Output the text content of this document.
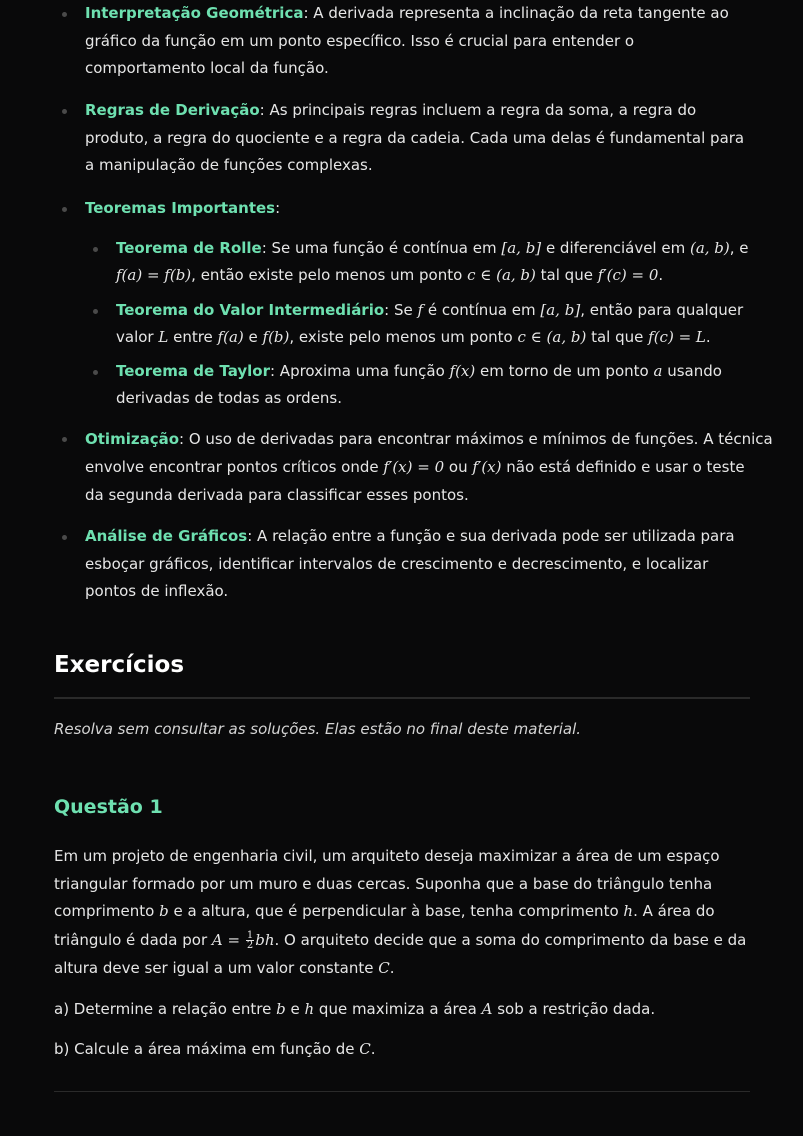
Interpretação Geométrica: A derivada representa a inclinação da reta tangente ao gráfico da função em um ponto específico. Isso é crucial para entender o comportamento local da função.
Regras de Derivação: As principais regras incluem a regra da soma, a regra do produto, a regra do quociente e a regra da cadeia. Cada uma delas é fundamental para a manipulação de funções complexas.
Teoremas Importantes:
Teorema de Rolle: Se uma função é contínua em [a, b] e diferenciável em (a, b), e
f(a) = f(b), então existe pelo menos um ponto c ∈ (a, b) tal que f′(c) = 0.
Teorema do Valor Intermediário: Se f é contínua em [a, b], então para qualquer
valor L entre f(a) e f(b), existe pelo menos um ponto c ∈ (a, b) tal que f(c) = L.
Teorema de Taylor: Aproxima uma função f(x) em torno de um ponto a usando
derivadas de todas as ordens.
Otimização: O uso de derivadas para encontrar máximos e mínimos de funções. A técnica
envolve encontrar pontos críticos onde f′(x) = 0 ou f′(x) não está definido e usar o teste
da segunda derivada para classificar esses pontos.
Análise de Gráficos: A relação entre a função e sua derivada pode ser utilizada para esboçar gráficos, identificar intervalos de crescimento e decrescimento, e localizar pontos de inflexão.
Exercícios
Resolva sem consultar as soluções. Elas estão no final deste material.
Questão 1
Em um projeto de engenharia civil, um arquiteto deseja maximizar a área de um espaço
triangular formado por um muro e duas cercas. Suponha que a base do triângulo tenha
comprimento b e a altura, que é perpendicular à base, tenha comprimento h. A área do
triângulo é dada por $A = \frac{1}{2}$ bh. O arquiteto decide que a soma do comprimento da base e da
altura deve ser igual a um valor constante C.
a) Determine a relação entre b e h que maximiza a área A sob a restrição dada.
b) Calcule a área máxima em função de C.
